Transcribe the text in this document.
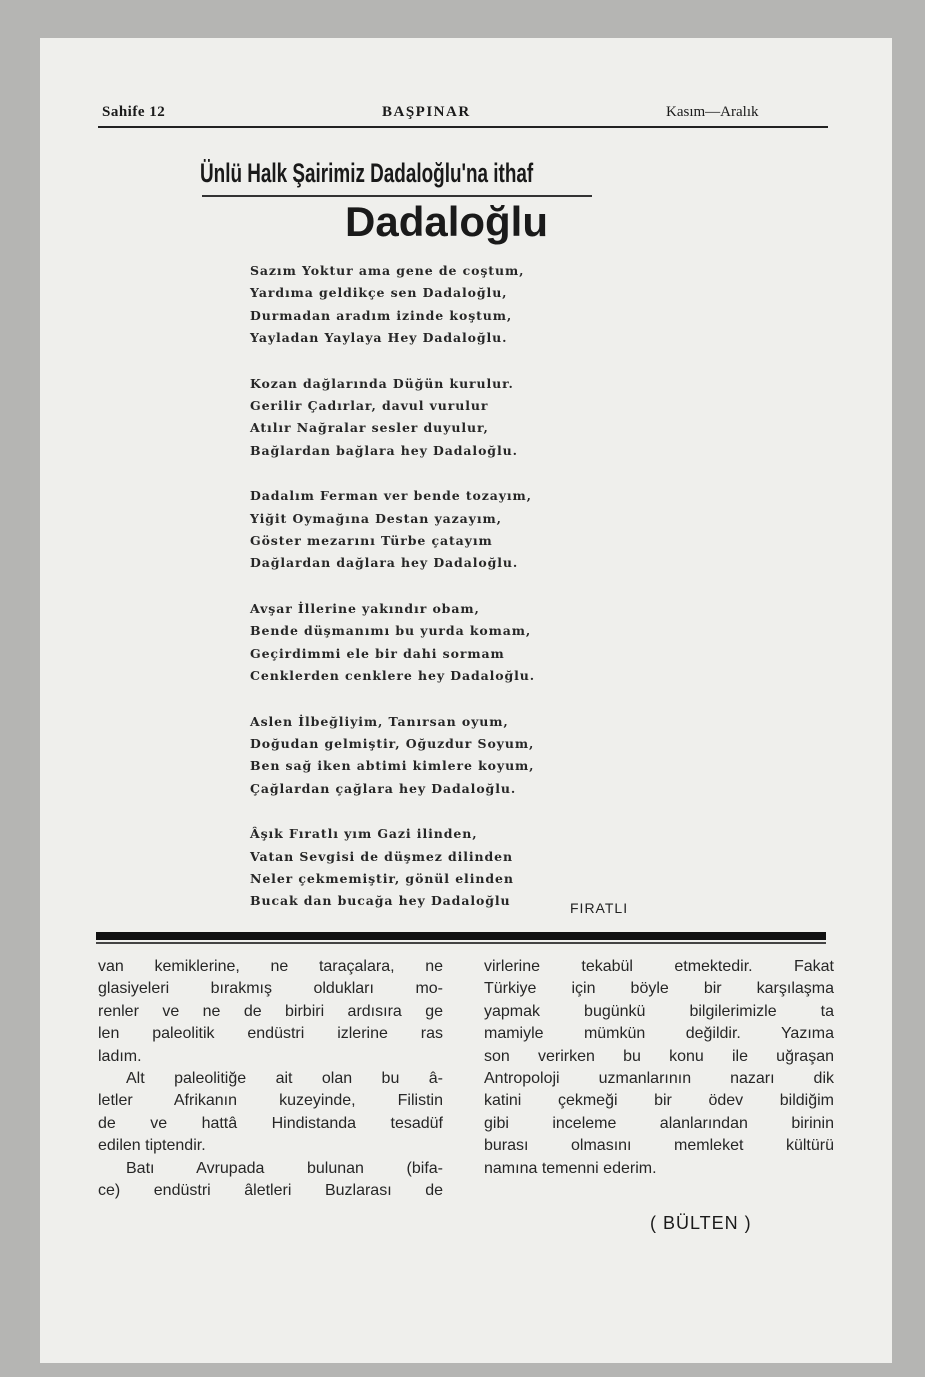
Sahife 12	BAŞPINAR	Kasım—Aralık
Ünlü Halk Şairimiz Dadaloğlu'na ithaf
Dadaloğlu
Sazım Yoktur ama gene de coştum,
Yardıma geldikçe sen Dadaloğlu,
Durmadan aradım izinde koştum,
Yayladan Yaylaya Hey Dadaloğlu.
Kozan dağlarında Düğün kurulur.
Gerilir Çadırlar, davul vurulur
Atılır Nağralar sesler duyulur,
Bağlardan bağlara hey Dadaloğlu.
Dadalım Ferman ver bende tozayım,
Yiğit Oymağına Destan yazayım,
Göster mezarını Türbe çatayım
Dağlardan dağlara hey Dadaloğlu.
Avşar İllerine yakındır obam,
Bende düşmanımı bu yurda komam,
Geçirdimmi ele bir dahi sormam
Cenklerden cenklere hey Dadaloğlu.
Aslen İlbeğliyim, Tanırsan oyum,
Doğudan gelmiştir, Oğuzdur Soyum,
Ben sağ iken abtimi kimlere koyum,
Çağlardan çağlara hey Dadaloğlu.
Âşık Fıratlı yım Gazi ilinden,
Vatan Sevgisi de düşmez dilinden
Neler çekmemiştir, gönül elinden
Bucak dan bucağa hey Dadaloğlu	FIRATLI
van kemiklerine, ne taraçalara, ne
glasiyeleri bırakmış oldukları mo-
renler ve ne de birbiri ardısıra ge
len paleolitik endüstri izlerine ras
ladım.
Alt paleolitiğe ait olan bu â-
letler Afrikanın kuzeyinde, Filistin
de ve hattâ Hindistanda tesadüf
edilen tiptendir.
Batı Avrupada bulunan (bifa-
ce) endüstri âletleri Buzlarası de
virlerine tekabül etmektedir. Fakat
Türkiye için böyle bir karşılaşma
yapmak bugünkü bilgilerimizle ta
mamiyle mümkün değildir. Yazıma
son verirken bu konu ile uğraşan
Antropoloji uzmanlarının nazarı dik
katini çekmeği bir ödev bildiğim
gibi inceleme alanlarından birinin
burası olmasını memleket kültürü
namına temenni ederim.
( BÜLTEN )
